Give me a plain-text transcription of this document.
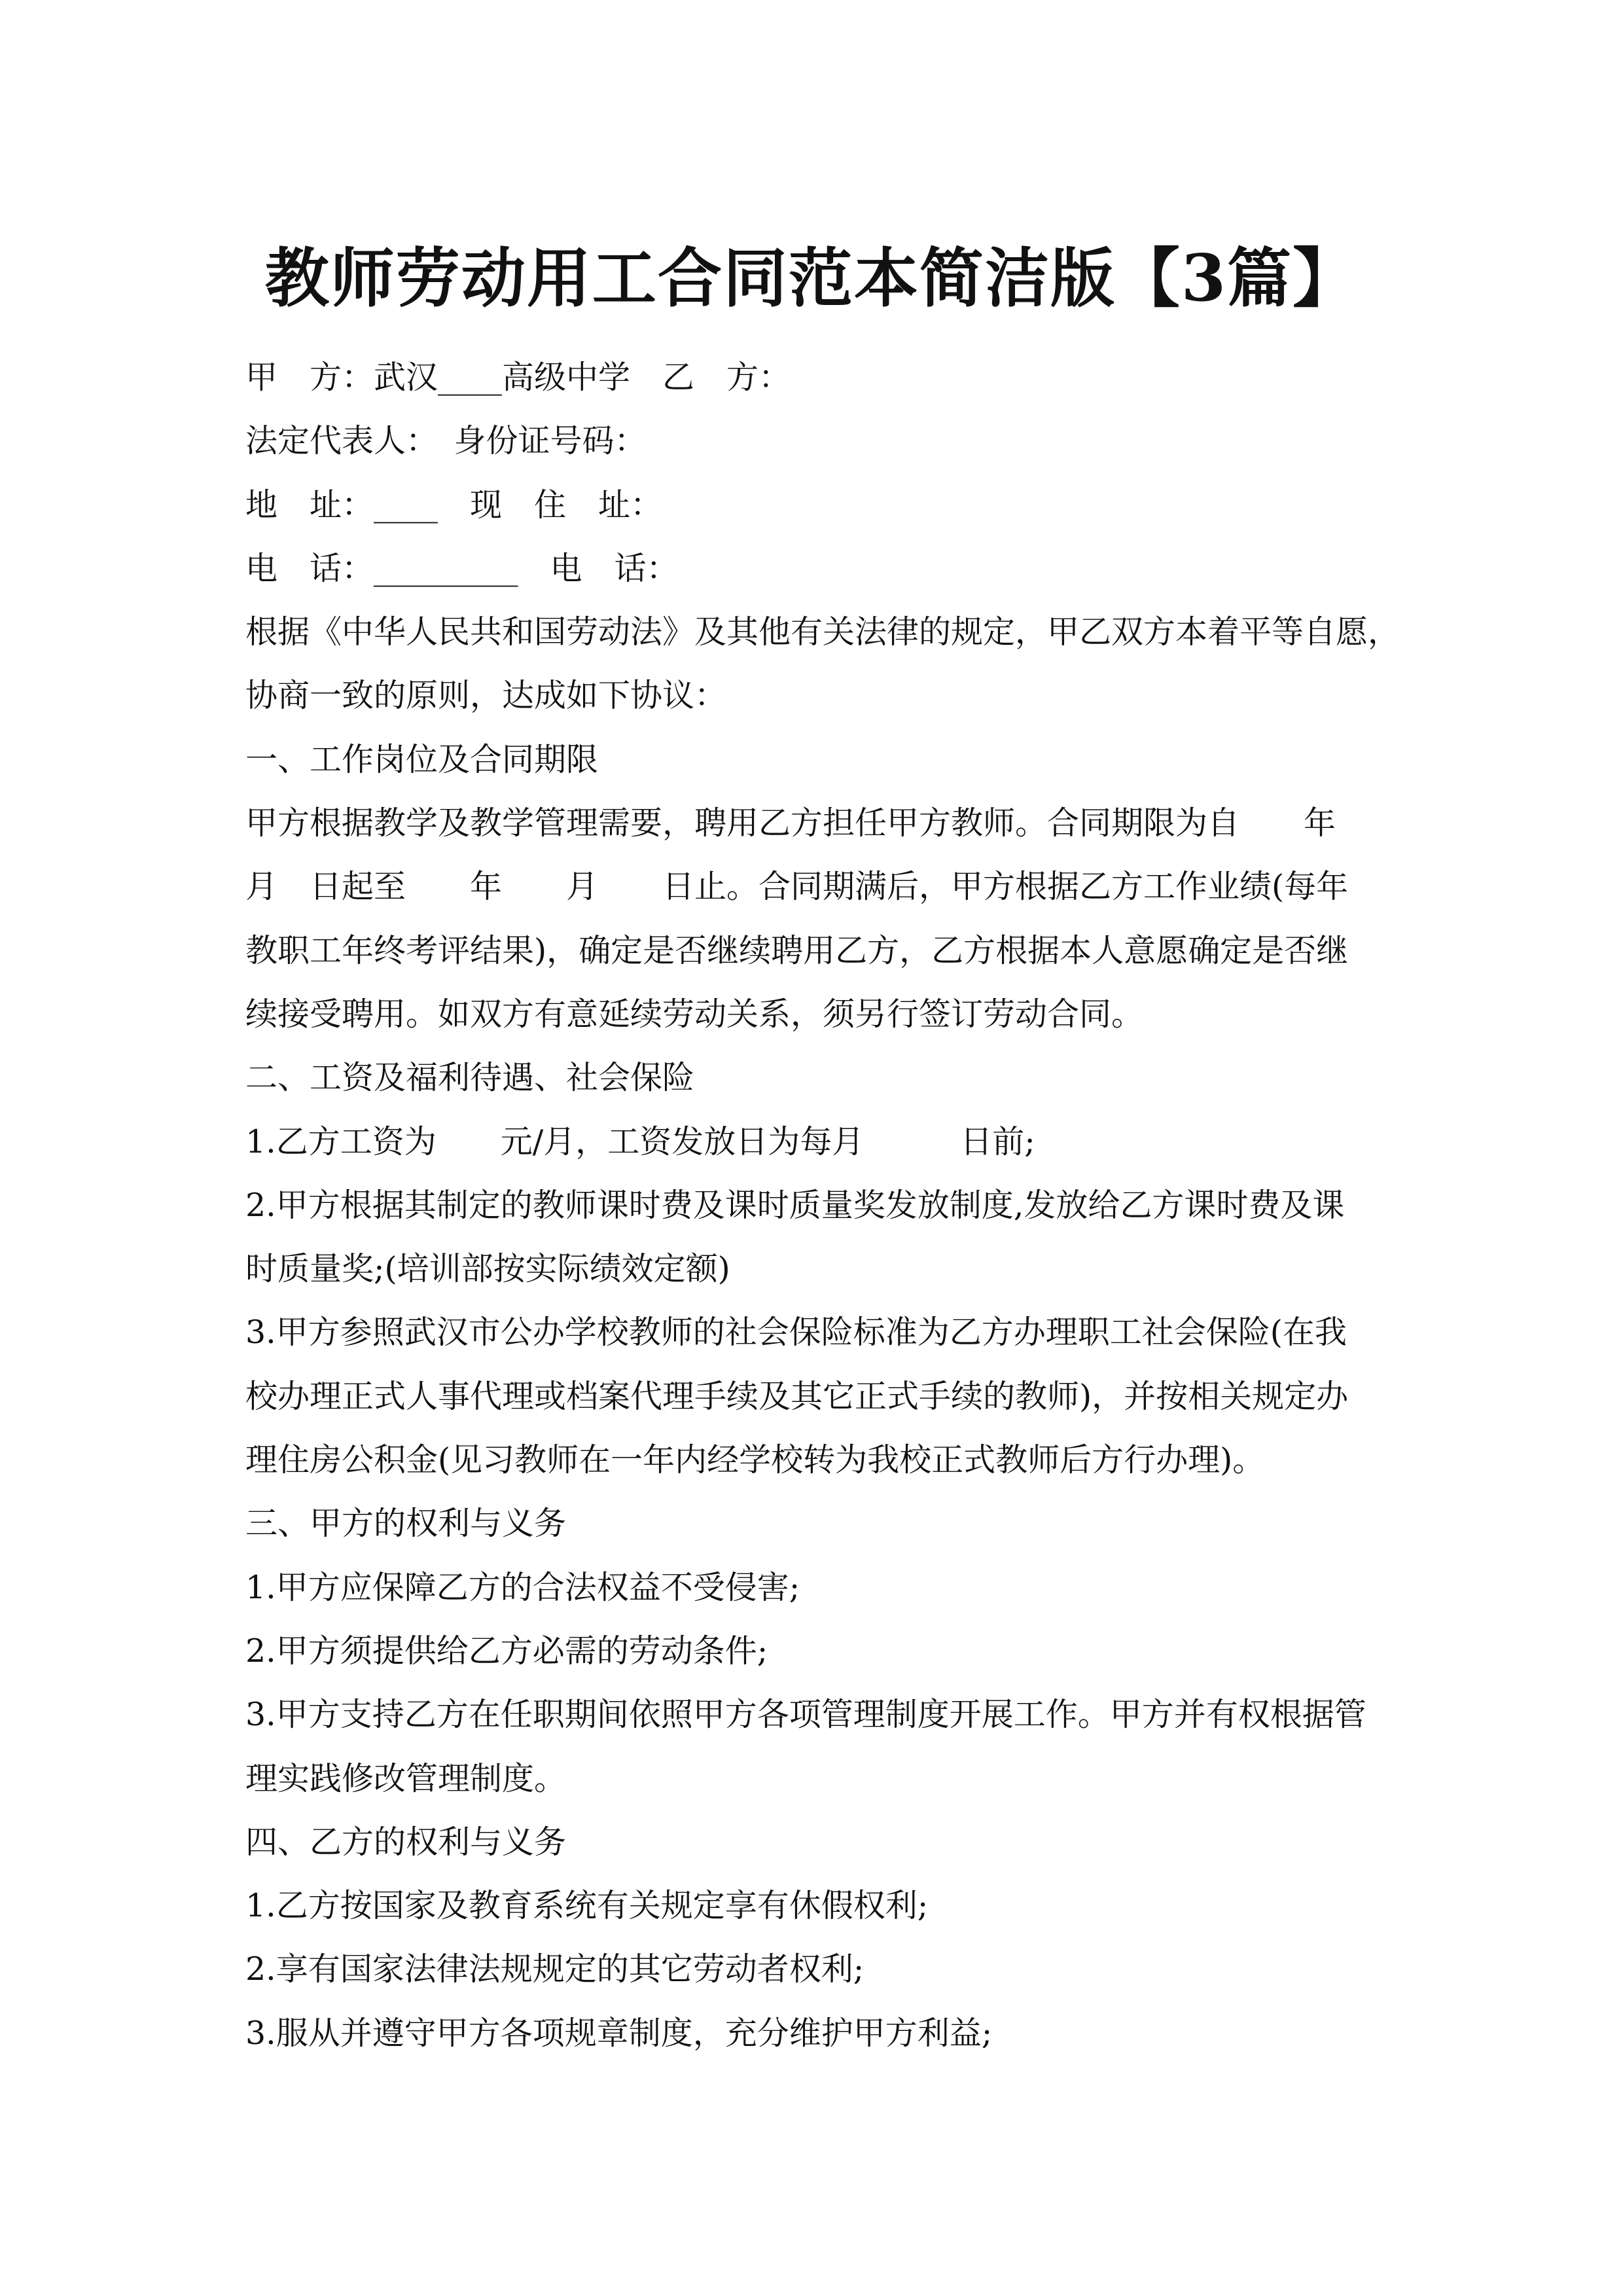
教师劳动用工合同范本简洁版【3篇】
甲　方：武汉____高级中学　乙　方：
法定代表人：　身份证号码：
地　址：____　现　住　址：
电　话：_________　电　话：
根据《中华人民共和国劳动法》及其他有关法律的规定，甲乙双方本着平等自愿，
协商一致的原则，达成如下协议：
一、工作岗位及合同期限
甲方根据教学及教学管理需要，聘用乙方担任甲方教师。合同期限为自　　年
月　日起至　　年　　月　　日止。合同期满后，甲方根据乙方工作业绩(每年
教职工年终考评结果)，确定是否继续聘用乙方，乙方根据本人意愿确定是否继
续接受聘用。如双方有意延续劳动关系，须另行签订劳动合同。
二、工资及福利待遇、社会保险
1.乙方工资为　　元/月，工资发放日为每月　　　日前;
2.甲方根据其制定的教师课时费及课时质量奖发放制度,发放给乙方课时费及课
时质量奖;(培训部按实际绩效定额)
3.甲方参照武汉市公办学校教师的社会保险标准为乙方办理职工社会保险(在我
校办理正式人事代理或档案代理手续及其它正式手续的教师)，并按相关规定办
理住房公积金(见习教师在一年内经学校转为我校正式教师后方行办理)。
三、甲方的权利与义务
1.甲方应保障乙方的合法权益不受侵害;
2.甲方须提供给乙方必需的劳动条件;
3.甲方支持乙方在任职期间依照甲方各项管理制度开展工作。甲方并有权根据管
理实践修改管理制度。
四、乙方的权利与义务
1.乙方按国家及教育系统有关规定享有休假权利;
2.享有国家法律法规规定的其它劳动者权利;
3.服从并遵守甲方各项规章制度，充分维护甲方利益;
